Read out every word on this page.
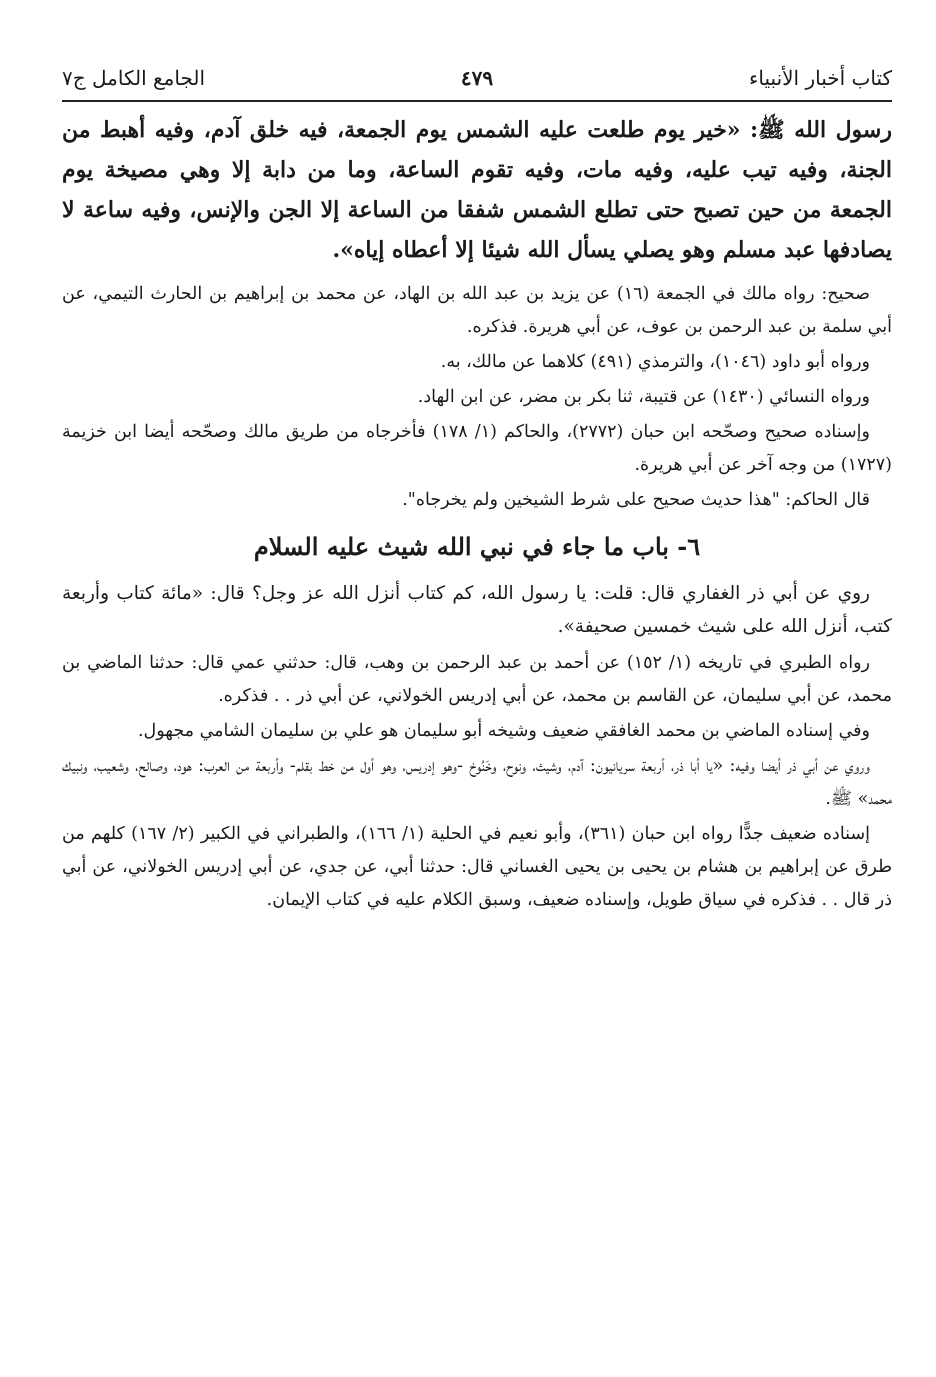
كتاب أخبار الأنبياء
٤٧٩
الجامع الكامل ج٧

رسول الله ﷺ: «خير يوم طلعت عليه الشمس يوم الجمعة، فيه خلق آدم، وفيه أهبط من الجنة، وفيه تيب عليه، وفيه مات، وفيه تقوم الساعة، وما من دابة إلا وهي مصيخة يوم الجمعة من حين تصبح حتى تطلع الشمس شفقا من الساعة إلا الجن والإنس، وفيه ساعة لا يصادفها عبد مسلم وهو يصلي يسأل الله شيئا إلا أعطاه إياه».

صحيح: رواه مالك في الجمعة (١٦) عن يزيد بن عبد الله بن الهاد، عن محمد بن إبراهيم بن الحارث التيمي، عن أبي سلمة بن عبد الرحمن بن عوف، عن أبي هريرة. فذكره.

ورواه أبو داود (١٠٤٦)، والترمذي (٤٩١) كلاهما عن مالك، به.

ورواه النسائي (١٤٣٠) عن قتيبة، ثنا بكر بن مضر، عن ابن الهاد.

وإسناده صحيح وصحّحه ابن حبان (٢٧٧٢)، والحاكم (١/ ١٧٨) فأخرجاه من طريق مالك وصحّحه أيضا ابن خزيمة (١٧٢٧) من وجه آخر عن أبي هريرة.

قال الحاكم: "هذا حديث صحيح على شرط الشيخين ولم يخرجاه".

٦- باب ما جاء في نبي الله شيث عليه السلام

روي عن أبي ذر الغفاري قال: قلت: يا رسول الله، كم كتاب أنزل الله عز وجل؟ قال: «مائة كتاب وأربعة كتب، أنزل الله على شيث خمسين صحيفة».

رواه الطبري في تاريخه (١/ ١٥٢) عن أحمد بن عبد الرحمن بن وهب، قال: حدثني عمي قال: حدثنا الماضي بن محمد، عن أبي سليمان، عن القاسم بن محمد، عن أبي إدريس الخولاني، عن أبي ذر . . فذكره.

وفي إسناده الماضي بن محمد الغافقي ضعيف وشيخه أبو سليمان هو علي بن سليمان الشامي مجهول.

وروي عن أبي ذر أيضا وفيه: «يا أبا ذر، أربعة سريانيون: آدم، وشيث، ونوح، وخَنُوخ -وهو إدريس، وهو أول من خط بقلم- وأربعة من العرب: هود، وصالح، وشعيب، ونبيك محمد» ﷺ.

إسناده ضعيف جدًّا رواه ابن حبان (٣٦١)، وأبو نعيم في الحلية (١/ ١٦٦)، والطبراني في الكبير (٢/ ١٦٧) كلهم من طرق عن إبراهيم بن هشام بن يحيى بن يحيى الغساني قال: حدثنا أبي، عن جدي، عن أبي إدريس الخولاني، عن أبي ذر قال . . فذكره في سياق طويل، وإسناده ضعيف، وسبق الكلام عليه في كتاب الإيمان.
